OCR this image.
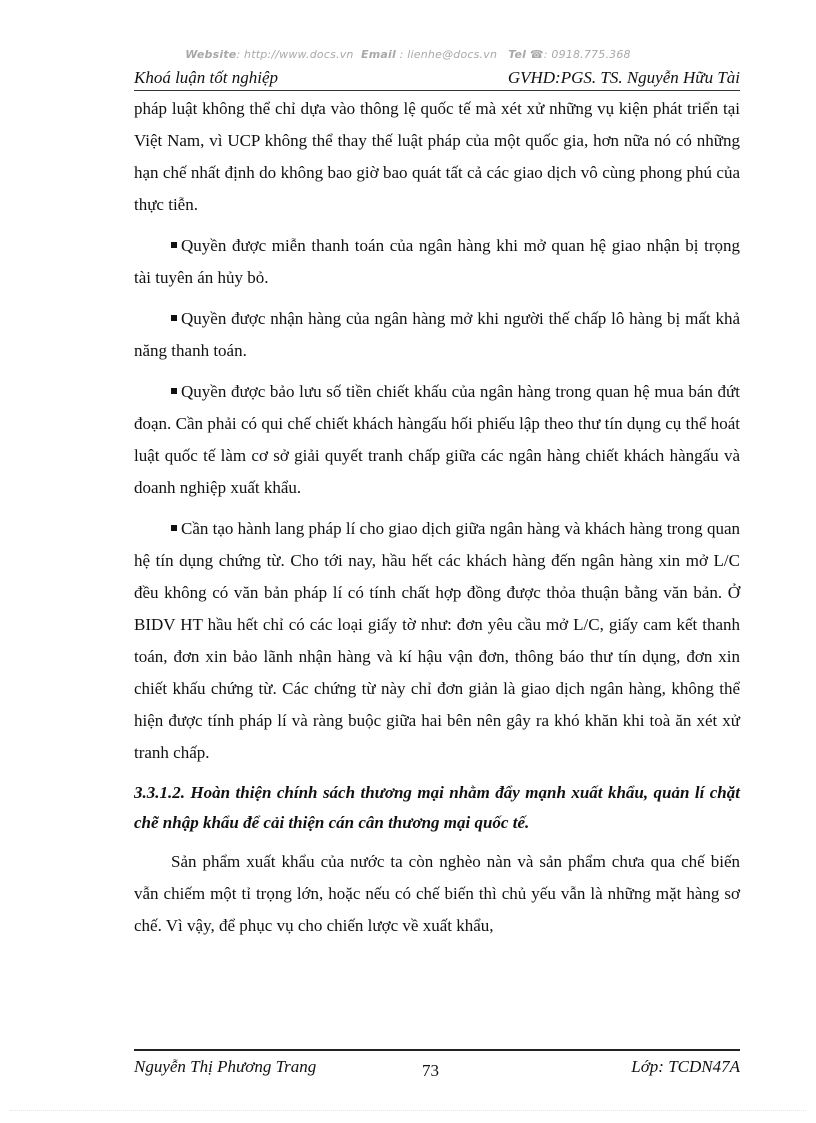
Website: http://www.docs.vn Email : lienhe@docs.vn Tel ☎: 0918.775.368
Khoá luận tốt nghiệp	GVHD:PGS. TS. Nguyễn Hữu Tài

pháp luật không thể chỉ dựa vào thông lệ quốc tế mà xét xử những vụ kiện phát triển tại Việt Nam, vì UCP không thể thay thế luật pháp của một quốc gia, hơn nữa nó có những hạn chế nhất định do không bao giờ bao quát tất cả các giao dịch vô cùng phong phú của thực tiễn.

Quyền được miễn thanh toán của ngân hàng khi mở quan hệ giao nhận bị trọng tài tuyên án hủy bỏ.

Quyền được nhận hàng của ngân hàng mở khi người thế chấp lô hàng bị mất khả năng thanh toán.

Quyền được bảo lưu số tiền chiết khấu của ngân hàng trong quan hệ mua bán đứt đoạn. Cần phải có qui chế chiết khách hàngấu hối phiếu lập theo thư tín dụng cụ thể hoát luật quốc tế làm cơ sở giải quyết tranh chấp giữa các ngân hàng chiết khách hàngấu và doanh nghiệp xuất khẩu.

Cần tạo hành lang pháp lí cho giao dịch giữa ngân hàng và khách hàng trong quan hệ tín dụng chứng từ. Cho tới nay, hầu hết các khách hàng đến ngân hàng xin mở L/C đều không có văn bản pháp lí có tính chất hợp đồng được thỏa thuận bằng văn bản. Ở BIDV HT hầu hết chỉ có các loại giấy tờ như: đơn yêu cầu mở L/C, giấy cam kết thanh toán, đơn xin bảo lãnh nhận hàng và kí hậu vận đơn, thông báo thư tín dụng, đơn xin chiết khấu chứng từ. Các chứng từ này chỉ đơn giản là giao dịch ngân hàng, không thể hiện được tính pháp lí và ràng buộc giữa hai bên nên gây ra khó khăn khi toà ăn xét xử tranh chấp.

3.3.1.2. Hoàn thiện chính sách thương mại nhằm đẩy mạnh xuất khẩu, quản lí chặt chẽ nhập khẩu để cải thiện cán cân thương mại quốc tế.

Sản phẩm xuất khẩu của nước ta còn nghèo nàn và sản phẩm chưa qua chế biến vẫn chiếm một tỉ trọng lớn, hoặc nếu có chế biến thì chủ yếu vẫn là những mặt hàng sơ chế. Vì vậy, để phục vụ cho chiến lược về xuất khẩu,

Nguyễn Thị Phương Trang	73	Lớp: TCDN47A
